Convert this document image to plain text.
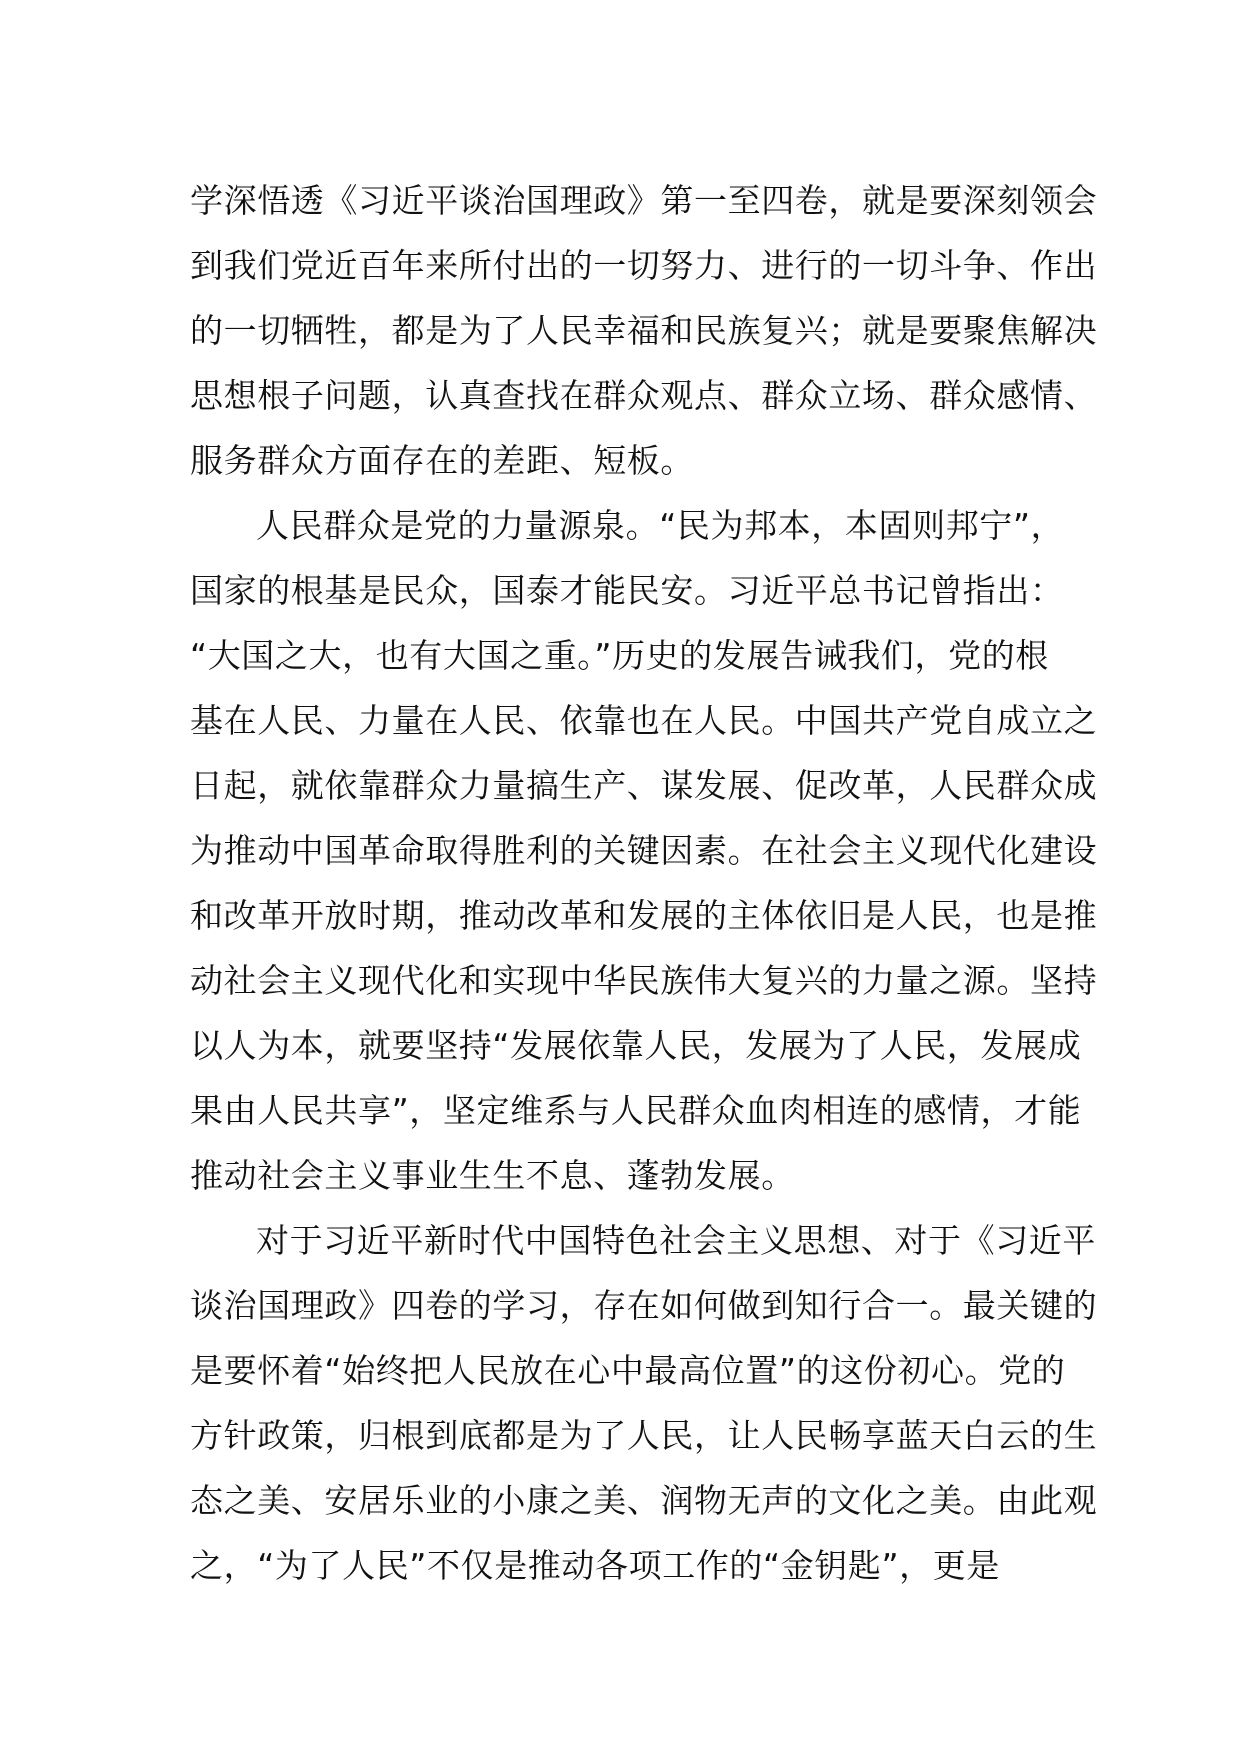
学深悟透《习近平谈治国理政》第一至四卷，就是要深刻领会
到我们党近百年来所付出的一切努力、进行的一切斗争、作出
的一切牺牲，都是为了人民幸福和民族复兴；就是要聚焦解决
思想根子问题，认真查找在群众观点、群众立场、群众感情、
服务群众方面存在的差距、短板。
人民群众是党的力量源泉。“民为邦本，本固则邦宁”，
国家的根基是民众，国泰才能民安。习近平总书记曾指出：
“大国之大，也有大国之重。”历史的发展告诫我们，党的根
基在人民、力量在人民、依靠也在人民。中国共产党自成立之
日起，就依靠群众力量搞生产、谋发展、促改革，人民群众成
为推动中国革命取得胜利的关键因素。在社会主义现代化建设
和改革开放时期，推动改革和发展的主体依旧是人民，也是推
动社会主义现代化和实现中华民族伟大复兴的力量之源。坚持
以人为本，就要坚持“发展依靠人民，发展为了人民，发展成
果由人民共享”，坚定维系与人民群众血肉相连的感情，才能
推动社会主义事业生生不息、蓬勃发展。
对于习近平新时代中国特色社会主义思想、对于《习近平
谈治国理政》四卷的学习，存在如何做到知行合一。最关键的
是要怀着“始终把人民放在心中最高位置”的这份初心。党的
方针政策，归根到底都是为了人民，让人民畅享蓝天白云的生
态之美、安居乐业的小康之美、润物无声的文化之美。由此观
之，“为了人民”不仅是推动各项工作的“金钥匙”，更是
